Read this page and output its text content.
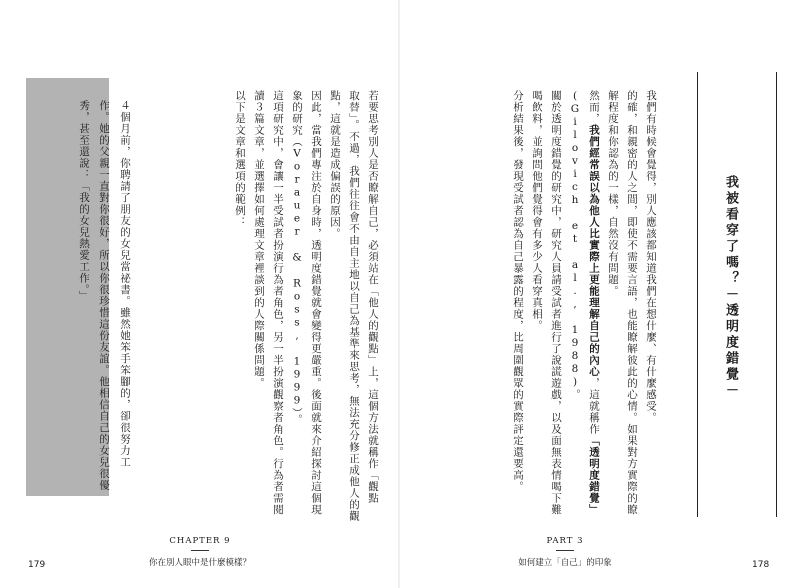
若要思考別人是否瞭解自己，必須站在「他人的觀點」上，這個方法就稱作「觀點
取替」。不過，我們往往會不由自主地以自己為基準來思考，無法充分修正成他人的觀
點，這就是造成偏誤的原因。
因此，當我們專注於自身時，透明度錯覺就會變得更嚴重。後面就來介紹探討這個現
象的研究（Vorauer & Ross, 1999）。
這項研究中，會讓一半受試者扮演行為者角色，另一半扮演觀察者角色。行為者需閱
讀３篇文章，並選擇如何處理文章裡談到的人際關係問題。
以下是文章和選項的範例：
４個月前，你聘請了朋友的女兒當祕書。雖然她笨手笨腳的，卻很努力工
作。她的父親一直對你很好，所以你很珍惜這份友誼。他相信自己的女兒很優
秀，甚至還說：「我的女兒熱愛工作。」
CHAPTER 9
你在別人眼中是什麼模樣？
179
我被看穿了嗎？－透明度錯覺－
我們有時候會覺得，別人應該都知道我們在想什麼、有什麼感受。
的確，和親密的人之間，即使不需要言語，也能瞭解彼此的心情。如果對方實際的瞭
解程度和你認為的一樣，自然沒有問題。
然而，我們經常誤以為他人比實際上更能理解自己的內心，這就稱作「透明度錯覺」
(Gilovich et al., 1988)。
關於透明度錯覺的研究中，研究人員請受試者進行了說謊遊戲，以及面無表情喝下難
喝飲料，並詢問他們覺得會有多少人看穿真相。
分析結果後，發現受試者認為自己暴露的程度，比周圍觀眾的實際評定還要高。
PART 3
如何建立「自己」的印象	178
